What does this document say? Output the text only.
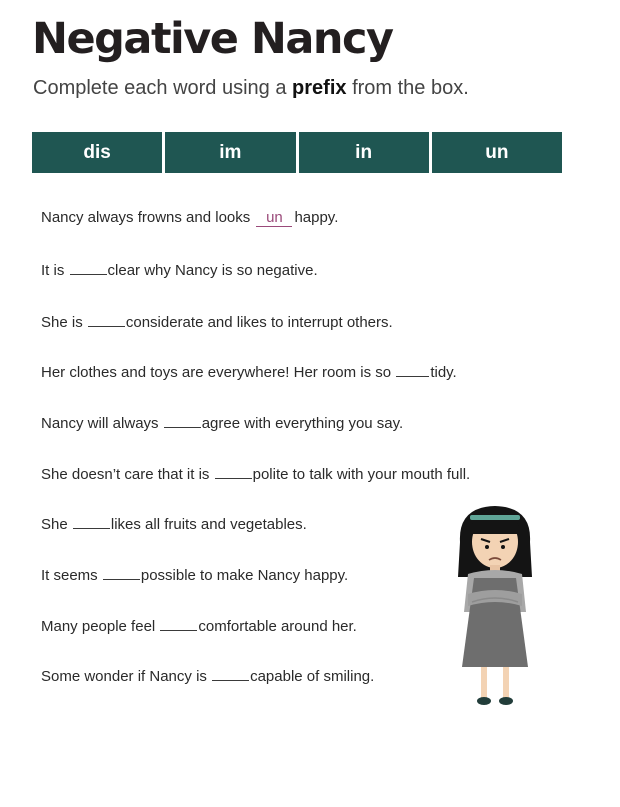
Negative Nancy
Complete each word using a prefix from the box.
dis	im	in	un
Nancy always frowns and looks un happy.
It is	clear why Nancy is so negative.
She is	considerate and likes to interrupt others.
Her clothes and toys are everywhere! Her room is so tidy.
Nancy will always	agree with everything you say.
She doesn’t care that it is	polite to talk with your mouth full.
She	likes all fruits and vegetables.
It seems	possible to make Nancy happy.
Many people feel	comfortable around her.
Some wonder if Nancy is	capable of smiling.
